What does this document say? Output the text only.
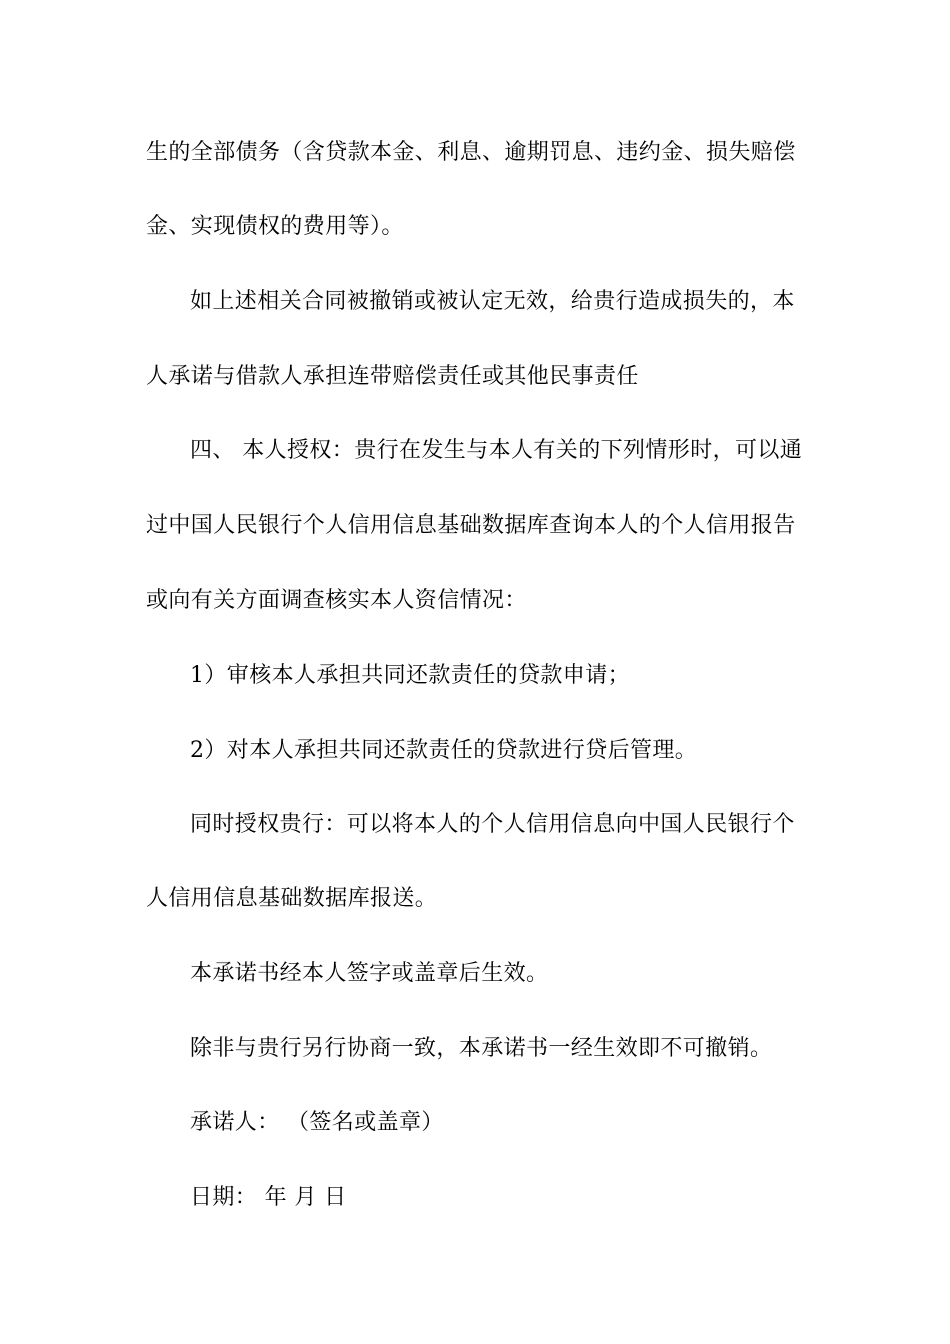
生的全部债务（含贷款本金、利息、逾期罚息、违约金、损失赔偿
金、实现债权的费用等）。
如上述相关合同被撤销或被认定无效，给贵行造成损失的，本
人承诺与借款人承担连带赔偿责任或其他民事责任
四、 本人授权：贵行在发生与本人有关的下列情形时，可以通
过中国人民银行个人信用信息基础数据库查询本人的个人信用报告
或向有关方面调查核实本人资信情况：
1）审核本人承担共同还款责任的贷款申请；
2）对本人承担共同还款责任的贷款进行贷后管理。
同时授权贵行：可以将本人的个人信用信息向中国人民银行个
人信用信息基础数据库报送。
本承诺书经本人签字或盖章后生效。
除非与贵行另行协商一致，本承诺书一经生效即不可撤销。
承诺人： （签名或盖章）
日期： 年 月 日
